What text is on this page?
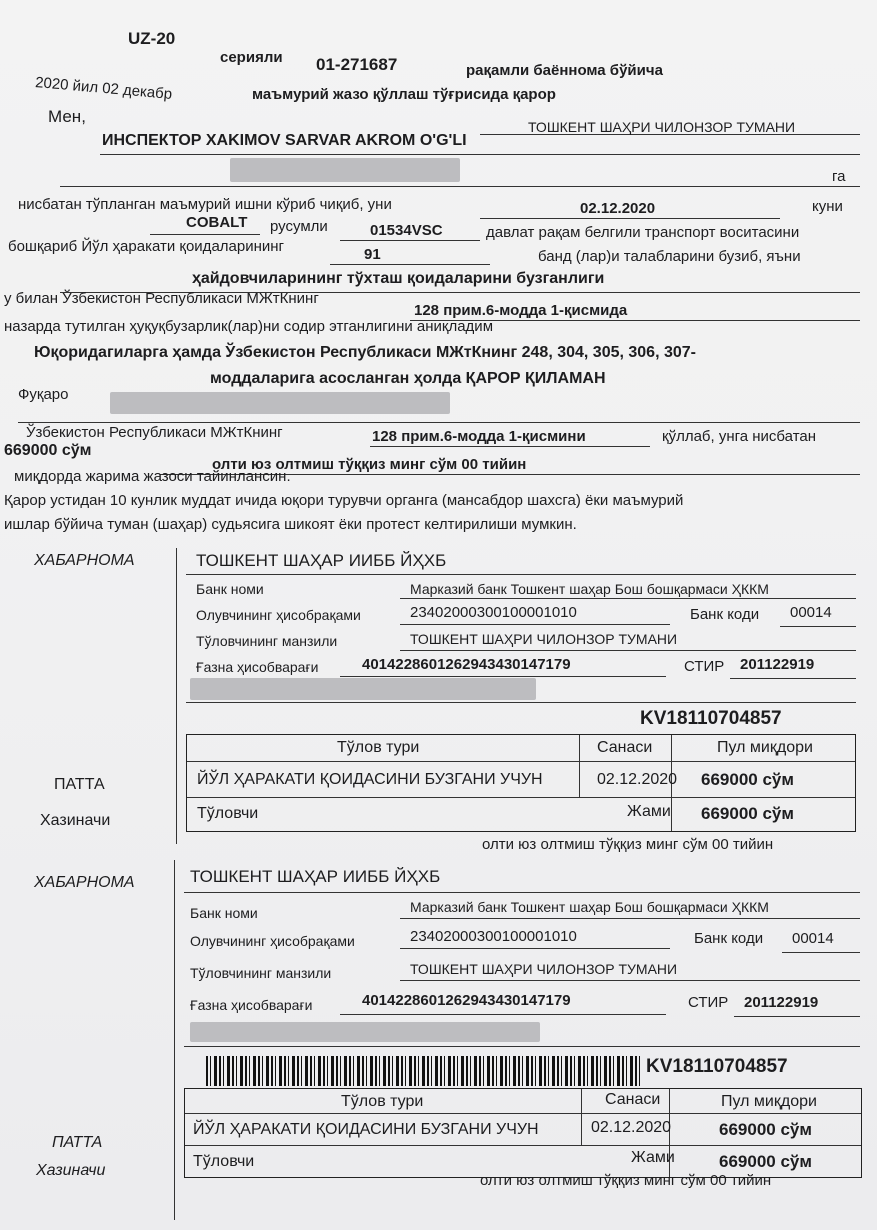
UZ-20
серияли 01-271687	рақамли баённома бўйича
маъмурий жазо қўллаш тўғрисида қарор
2020 йил 02 декабр
ТОШКЕНТ ШАҲРИ ЧИЛОНЗОР ТУМАНИ
Мен,
ИНСПЕКТОР XAKIMOV SARVAR AKROM O'G'LI
га
нисбатан тўпланган маъмурий ишни кўриб чиқиб, уни	02.12.2020	куни
COBALT русумли	01534VSC	давлат рақам белгили транспорт воситасини
бошқариб Йўл ҳаракати қоидаларининг	91	банд (лар)и талабларини бузиб, яъни
ҳайдовчиларининг тўхташ қоидаларини бузганлиги
у билан Ўзбекистон Республикаси МЖтКнинг
128 прим.6-модда 1-қисмида
назарда тутилган ҳуқуқбузарлик(лар)ни содир этганлигини аниқладим
Юқоридагиларга ҳамда Ўзбекистон Республикаси МЖтКнинг 248, 304, 305, 306, 307-
моддаларига асосланган ҳолда ҚАРОР ҚИЛАМАН
Фуқаро
Ўзбекистон Республикаси МЖтКнинг	128 прим.6-модда 1-қисмини	қўллаб, унга нисбатан
669000 сўм
олти юз олтмиш тўққиз минг сўм 00 тийин
миқдорда жарима жазоси тайинлансин.
Қарор устидан 10 кунлик муддат ичида юқори турувчи органга (мансабдор шахсга) ёки маъмурий
ишлар бўйича туман (шаҳар) судьясига шикоят ёки протест келтирилиши мумкин.
ХАБАРНОМА	ТОШКЕНТ ШАҲАР ИИББ ЙҲХБ
Банк номи	Марказий банк Тошкент шаҳар Бош бошқармаси ҲККМ
Олувчининг ҳисобрақами	23402000300100001010	Банк коди 00014
Тўловчининг манзили	ТОШКЕНТ ШАҲРИ ЧИЛОНЗОР ТУМАНИ
Ғазна ҳисобварағи	40142286012629434301471​79	СТИР 201122919
KV18110704857
Тўлов тури	Санаси	Пул миқдори
ЙЎЛ ҲАРАКАТИ ҚОИДАСИНИ БУЗГАНИ УЧУН	02.12.2020 669000 сўм
Тўловчи	Жами 669000 сўм
ПАТТА
Хазиначи
олти юз олтмиш тўққиз минг сўм 00 тийин
ХАБАРНОМА	ТОШКЕНТ ШАҲАР ИИББ ЙҲХБ
Банк номи	Марказий банк Тошкент шаҳар Бош бошқармаси ҲККМ
Олувчининг ҳисобрақами	23402000300100001010	Банк коди 00014
Тўловчининг манзили	ТОШКЕНТ ШАҲРИ ЧИЛОНЗОР ТУМАНИ
Ғазна ҳисобварағи	40142286012629434301471​79	СТИР 201122919
KV18110704857
Тўлов тури	Санаси	Пул миқдори
ЙЎЛ ҲАРАКАТИ ҚОИДАСИНИ БУЗГАНИ УЧУН	02.12.2020	669000 сўм
Тўловчи	Жами	669000 сўм
ПАТТА
Хазиначи
олти юз олтмиш тўққиз минг сўм 00 тийин
